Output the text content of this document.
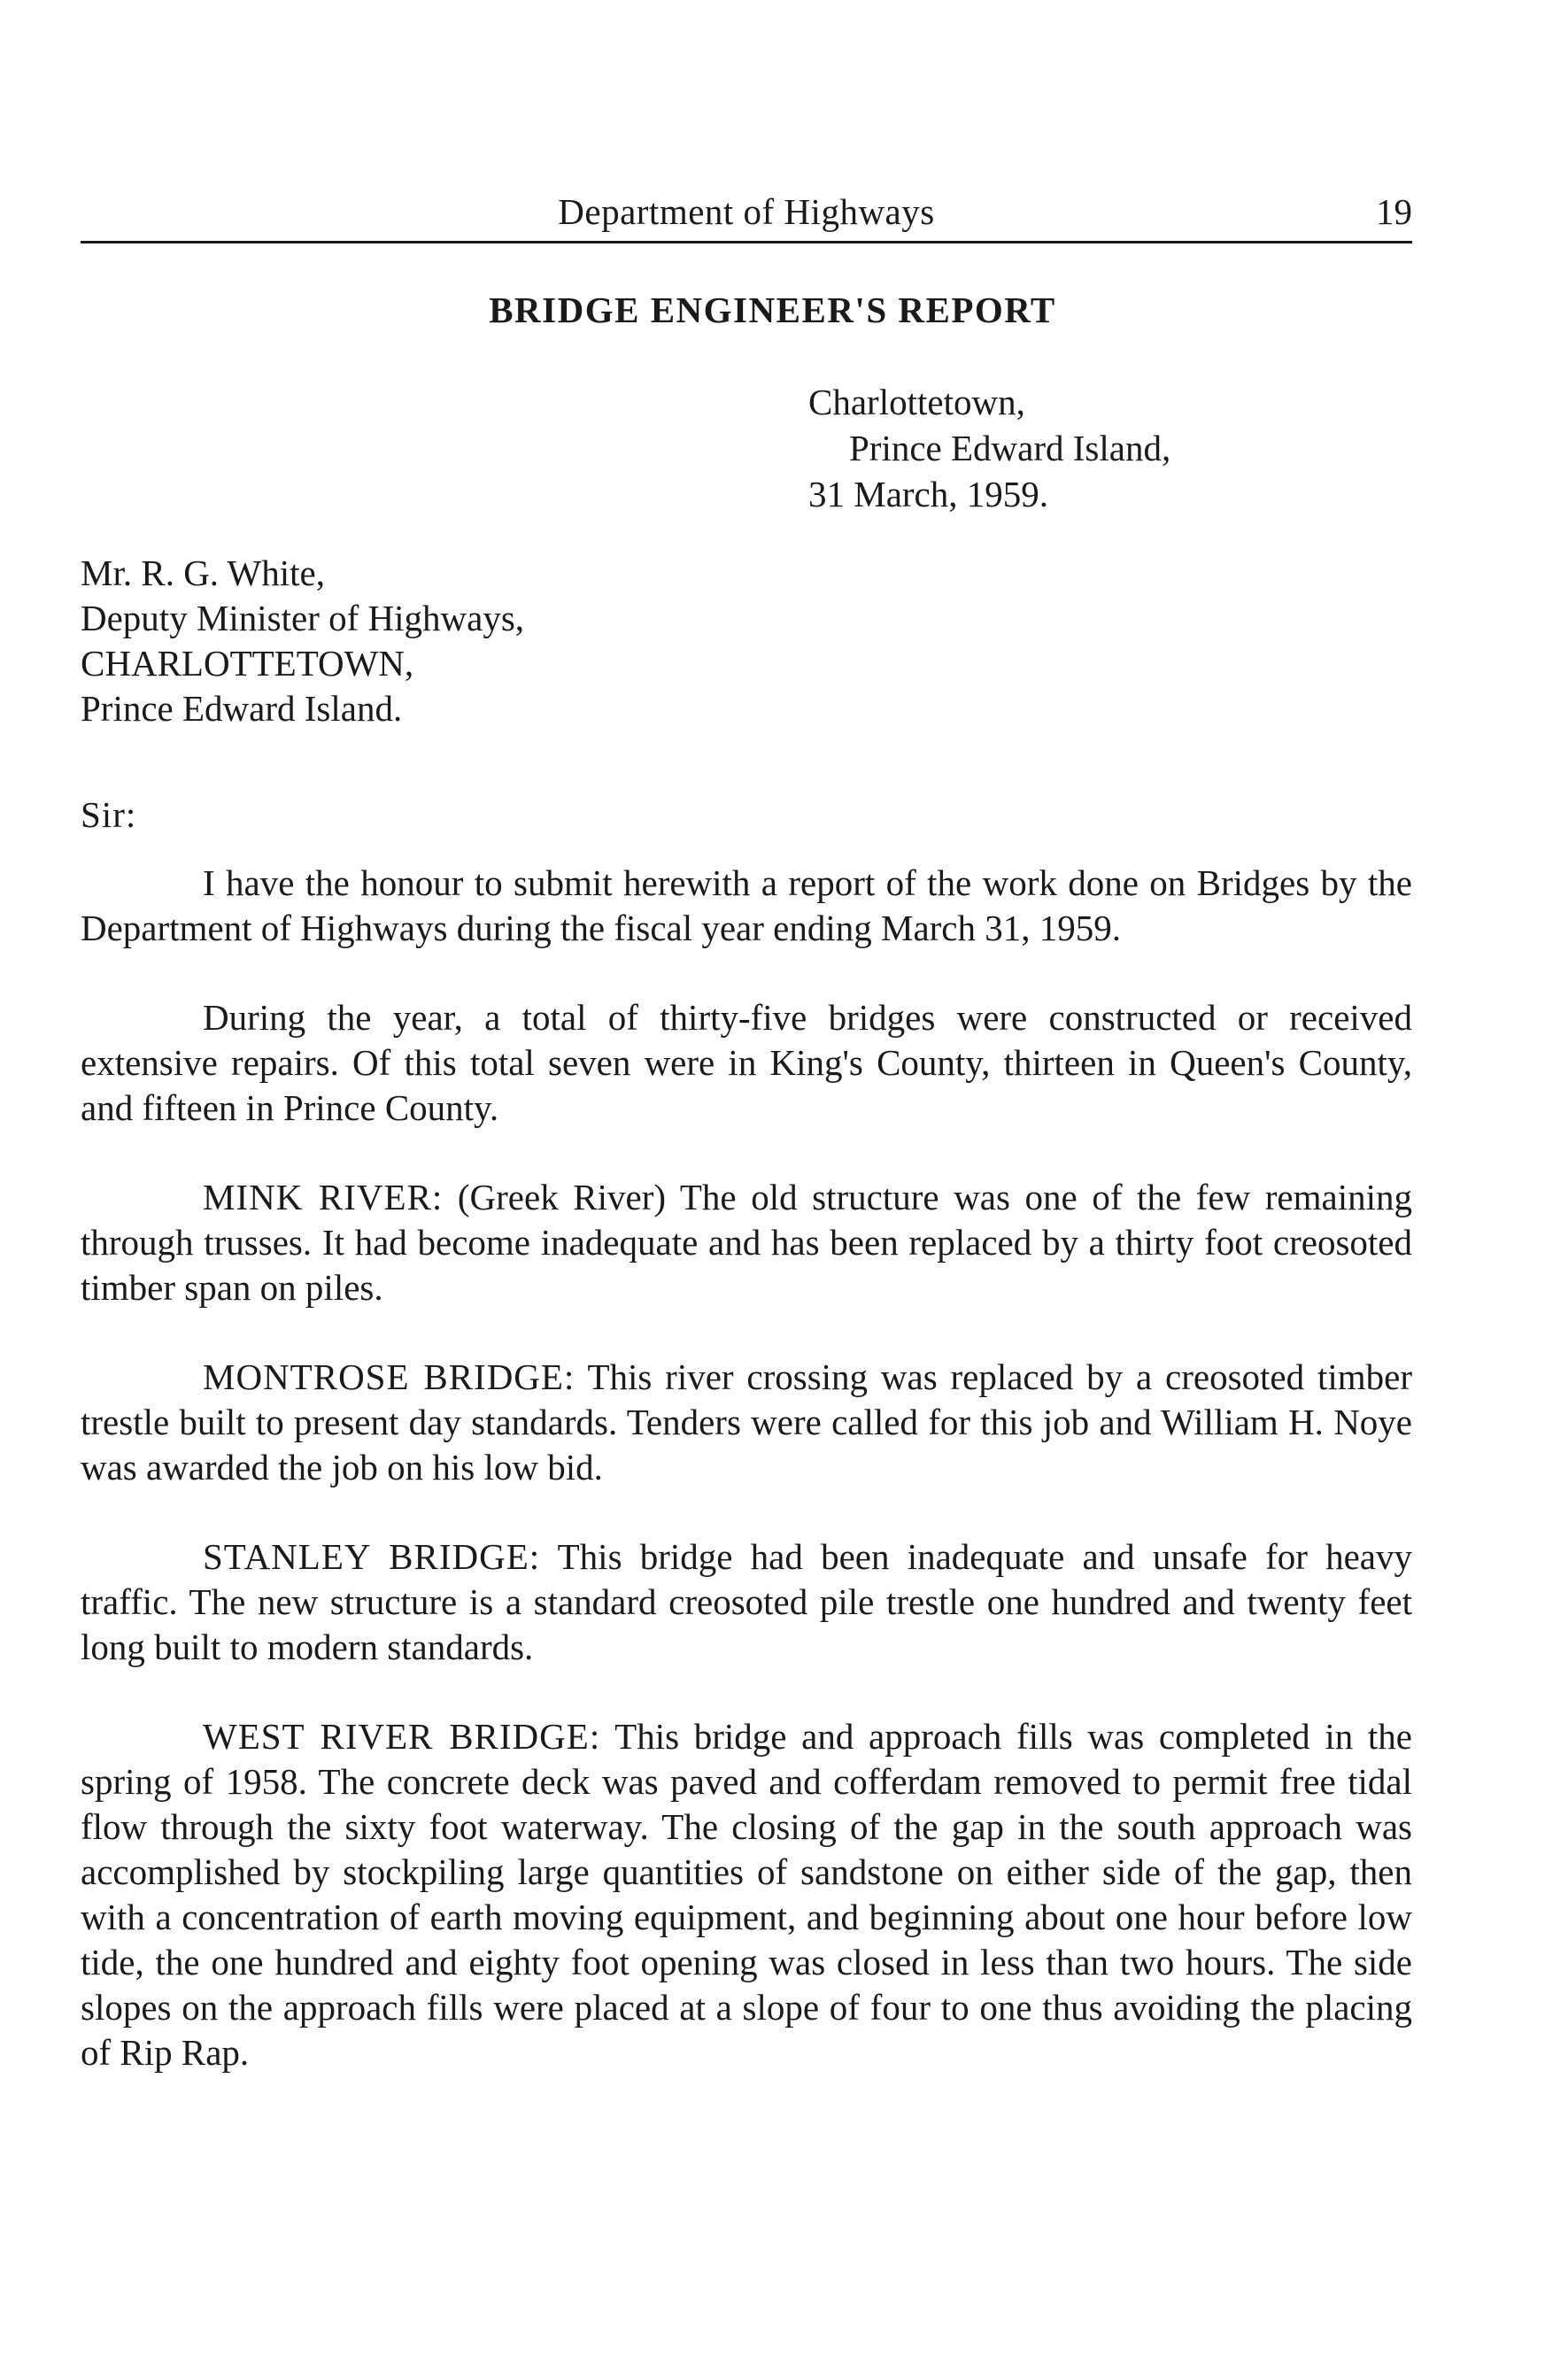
Department of Highways	19
BRIDGE ENGINEER'S REPORT
Charlottetown,
Prince Edward Island,
31 March, 1959.
Mr. R. G. White,
Deputy Minister of Highways,
CHARLOTTETOWN,
Prince Edward Island.
Sir:

I have the honour to submit herewith a report of the work done on Bridges by the Department of Highways during the fiscal year ending March 31, 1959.

During the year, a total of thirty-five bridges were constructed or received extensive repairs. Of this total seven were in King's County, thirteen in Queen's County, and fifteen in Prince County.

MINK RIVER: (Greek River) The old structure was one of the few remaining through trusses. It had become inadequate and has been replaced by a thirty foot creosoted timber span on piles.

MONTROSE BRIDGE: This river crossing was replaced by a creosoted timber trestle built to present day standards. Tenders were called for this job and William H. Noye was awarded the job on his low bid.

STANLEY BRIDGE: This bridge had been inadequate and unsafe for heavy traffic. The new structure is a standard creosoted pile trestle one hundred and twenty feet long built to modern standards.

WEST RIVER BRIDGE: This bridge and approach fills was completed in the spring of 1958. The concrete deck was paved and cofferdam removed to permit free tidal flow through the sixty foot waterway. The closing of the gap in the south approach was accomplished by stockpiling large quantities of sandstone on either side of the gap, then with a concentration of earth moving equipment, and beginning about one hour before low tide, the one hundred and eighty foot opening was closed in less than two hours. The side slopes on the approach fills were placed at a slope of four to one thus avoiding the placing of Rip Rap.
